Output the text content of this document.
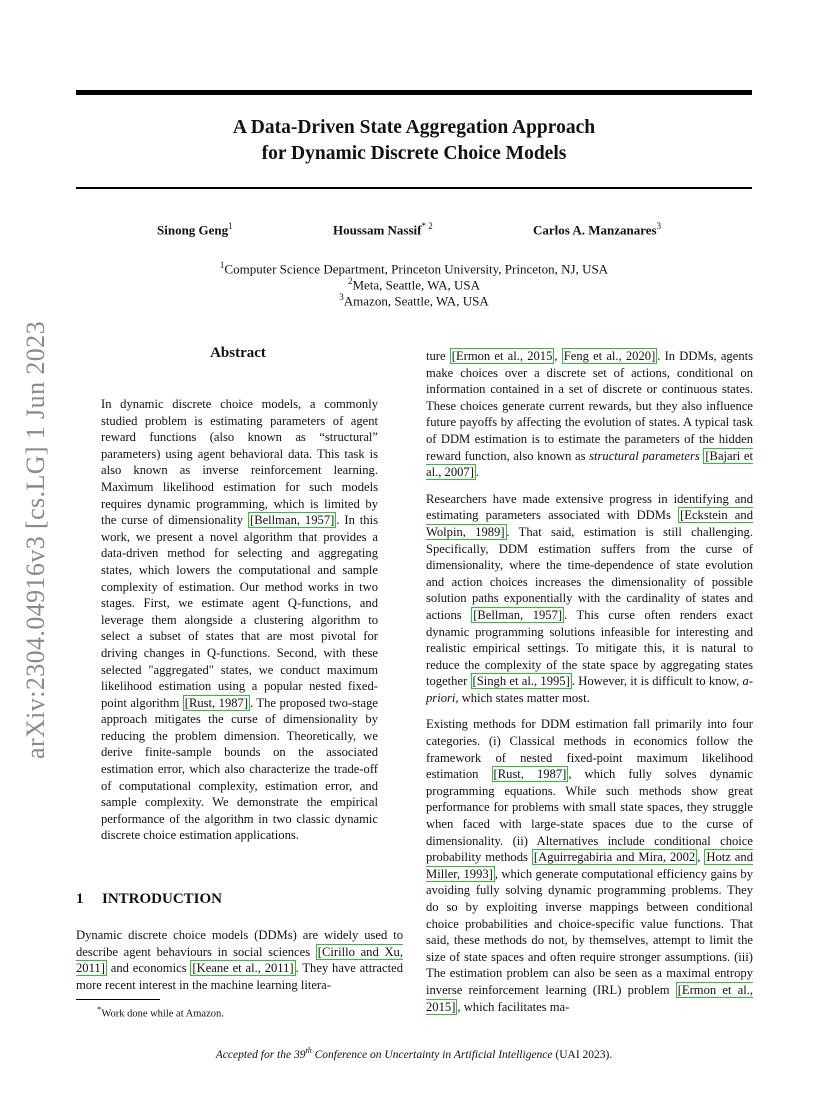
A Data-Driven State Aggregation Approach
for Dynamic Discrete Choice Models
Sinong Geng$^1$	Houssam Nassif$^{* 2}$	Carlos A. Manzanares$^3$
$^1$Computer Science Department, Princeton University, Princeton, NJ, USA
$^2$Meta, Seattle, WA, USA
$^3$Amazon, Seattle, WA, USA
arXiv:2304.04916v3 [cs.LG] 1 Jun 2023	Abstract
In dynamic discrete choice models, a commonly studied problem is estimating parameters of agent reward functions (also known as “structural” parameters) using agent behavioral data. This task is also known as inverse reinforcement learning. Maximum likelihood estimation for such models requires dynamic programming, which is limited by the curse of dimensionality [Bellman, 1957] . In this work, we present a novel algorithm that provides a data-driven method for selecting and aggregating states, which lowers the computational and sample complexity of estimation. Our method works in two stages. First, we estimate agent Q-functions, and leverage them alongside a clustering algorithm to select a subset of states that are most pivotal for driving changes in Q-functions. Second, with these selected "aggregated" states, we conduct maximum likelihood estimation using a popular nested fixed-point algorithm [Rust, 1987] . The proposed two-stage approach mitigates the curse of dimensionality by reducing the problem dimension. Theoretically, we derive finite-sample bounds on the associated estimation error, which also characterize the trade-off of computational complexity, estimation error, and sample complexity. We demonstrate the empirical performance of the algorithm in two classic dynamic discrete choice estimation applications.
1 INTRODUCTION
Dynamic discrete choice models (DDMs) are widely used to describe agent behaviours in social sciences [Cirillo and Xu, 2011] and economics [Keane et al., 2011] . They have attracted more recent interest in the machine learning litera-
*Work done while at Amazon.

ture [Ermon et al., 2015 , Feng et al., 2020] . In DDMs, agents make choices over a discrete set of actions, conditional on information contained in a set of discrete or continuous states. These choices generate current rewards, but they also influence future payoffs by affecting the evolution of states. A typical task of DDM estimation is to estimate the parameters of the hidden reward function, also known as structural parameters [Bajari et al., 2007] .

Researchers have made extensive progress in identifying and estimating parameters associated with DDMs [Eckstein and Wolpin, 1989] . That said, estimation is still challenging. Specifically, DDM estimation suffers from the curse of dimensionality, where the time-dependence of state evolution and action choices increases the dimensionality of possible solution paths exponentially with the cardinality of states and actions [Bellman, 1957] . This curse often renders exact dynamic programming solutions infeasible for interesting and realistic empirical settings. To mitigate this, it is natural to reduce the complexity of the state space by aggregating states together [Singh et al., 1995] . However, it is difficult to know, a-priori, which states matter most.

Existing methods for DDM estimation fall primarily into four categories. (i) Classical methods in economics follow the framework of nested fixed-point maximum likelihood estimation [Rust, 1987] , which fully solves dynamic programming equations. While such methods show great performance for problems with small state spaces, they struggle when faced with large-state spaces due to the curse of dimensionality. (ii) Alternatives include conditional choice probability methods [Aguirregabiria and Mira, 2002 , Hotz and Miller, 1993] , which generate computational efficiency gains by avoiding fully solving dynamic programming problems. They do so by exploiting inverse mappings between conditional choice probabilities and choice-specific value functions. That said, these methods do not, by themselves, attempt to limit the size of state spaces and often require stronger assumptions. (iii) The estimation problem can also be seen as a maximal entropy inverse reinforcement learning (IRL) problem [Ermon et al., 2015] , which facilitates ma-

Accepted for the 39th Conference on Uncertainty in Artificial Intelligence (UAI 2023).
